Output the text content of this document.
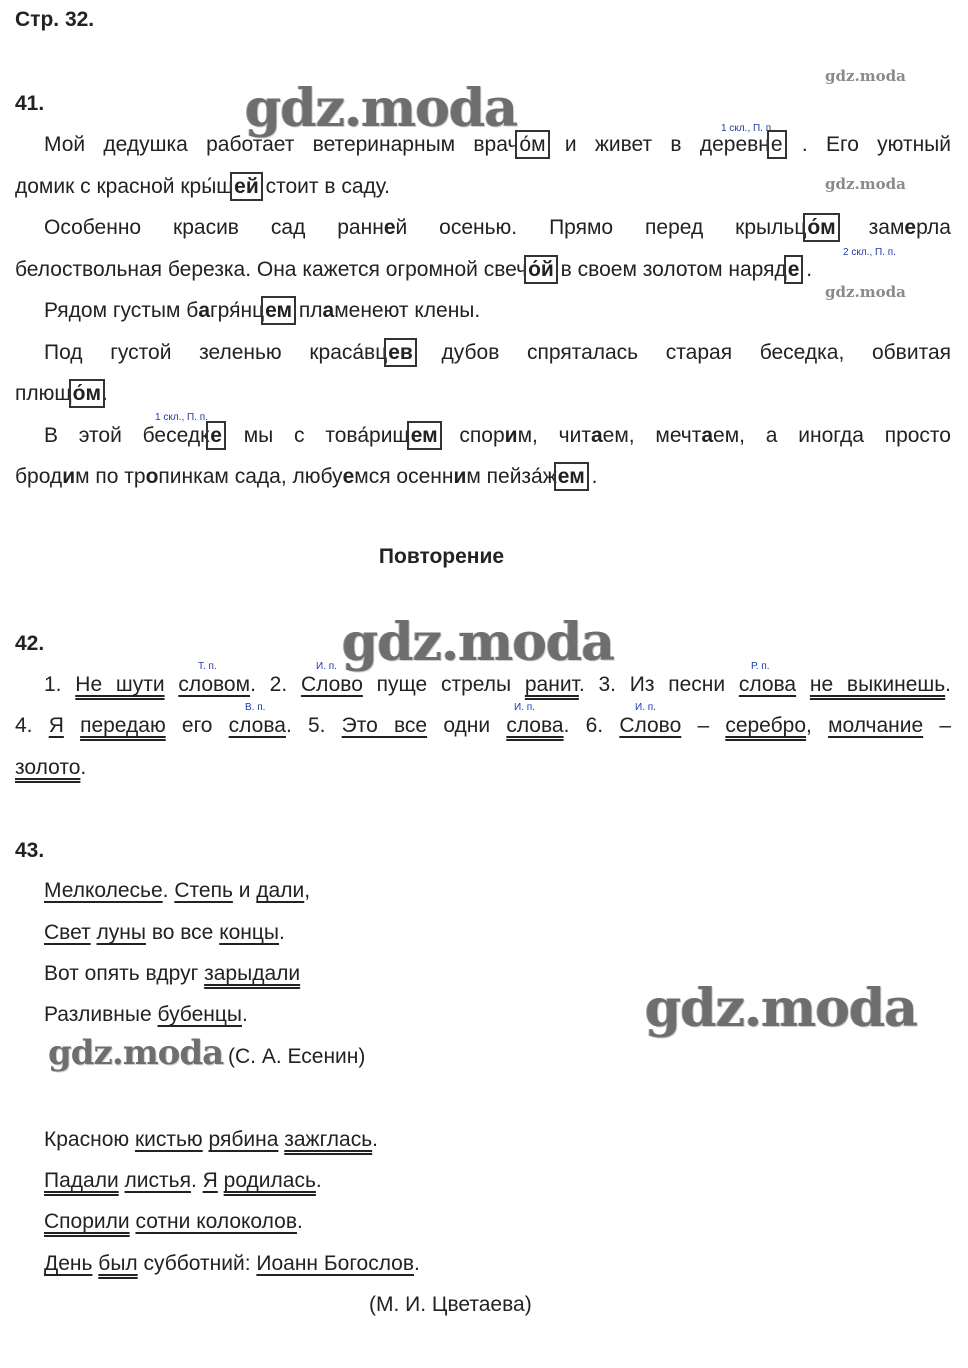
Стр. 32.
gdz.moda
gdz.moda
gdz.moda
gdz.moda
gdz.moda
gdz.moda
gdz.moda
41.
1 скл., П. п.
2 скл., П. п.
1 скл., П. п.
Мой дедушка работает ветеринарным врачо́м и живет в деревне . Его уютный
домик с красной кры́шей стоит в саду.
Особенно красив сад ранней осенью. Прямо перед крыльцо́м замерла
белоствольная березка. Она кажется огромной свечо́й в своем золотом наряде .
Рядом густым багря́нцем пламенеют клены.
Под густой зеленью краса́вцев дубов спряталась старая беседка, обвитая
плющо́м.
В этой беседке мы с това́рищем спорим, читаем, мечтаем, а иногда просто
бродим по тропинкам сада, любуемся осенним пейза́жем .
Повторение
42.
Т. п.	И. п.	Р. п.
В. п.	И. п.	И. п.
1. Не шути словом. 2. Слово пуще стрелы ранит. 3. Из песни слова не выкинешь.
4. Я передаю его слова. 5. Это все одни слова. 6. Слово – серебро, молчание –
золото.
43.
Мелколесье. Степь и дали,
Свет луны во все концы.
Вот опять вдруг зарыдали
Разливные бубенцы.
(С. А. Есенин)
Красною кистью рябина зажглась.
Падали листья. Я родилась.
Спорили сотни колоколов.
День был субботний: Иоанн Богослов.
(М. И. Цветаева)
